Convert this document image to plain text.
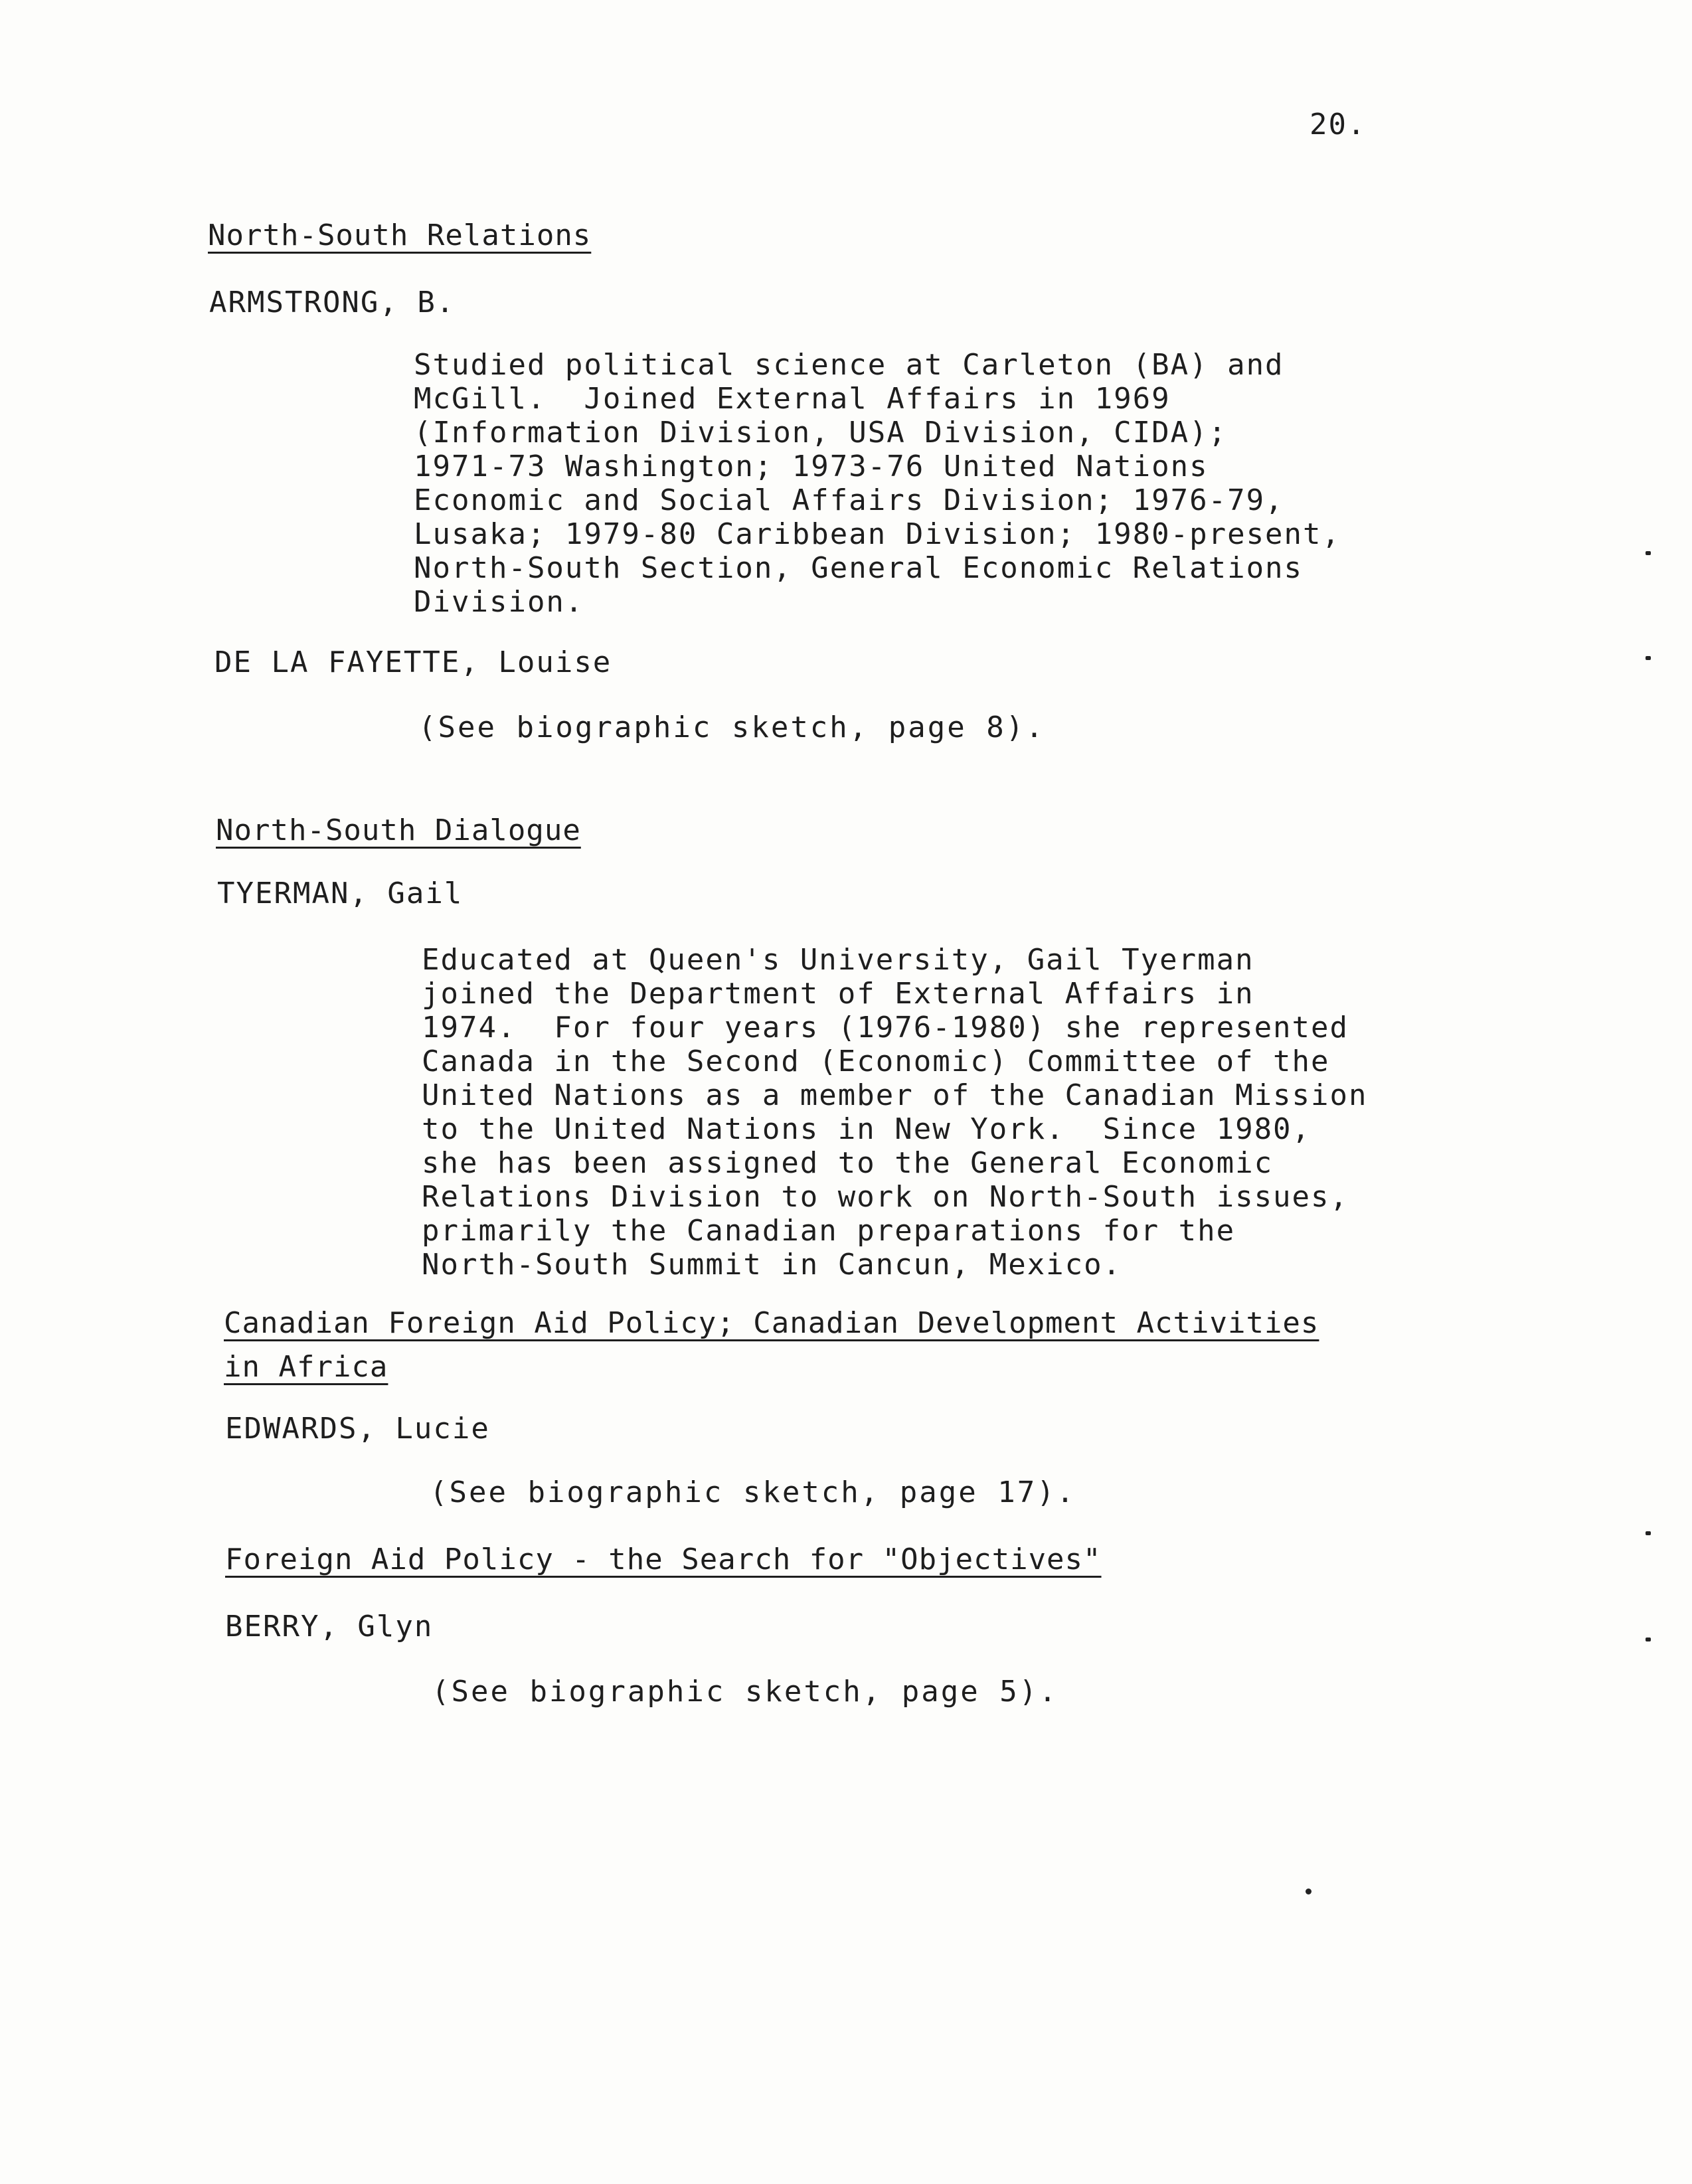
20.
North-South Relations
ARMSTRONG, B.
Studied political science at Carleton (BA) and
McGill.  Joined External Affairs in 1969
(Information Division, USA Division, CIDA);
1971-73 Washington; 1973-76 United Nations
Economic and Social Affairs Division; 1976-79,
Lusaka; 1979-80 Caribbean Division; 1980-present,
North-South Section, General Economic Relations
Division.
DE LA FAYETTE, Louise
(See biographic sketch, page 8).
North-South Dialogue
TYERMAN, Gail
Educated at Queen's University, Gail Tyerman
joined the Department of External Affairs in
1974.  For four years (1976-1980) she represented
Canada in the Second (Economic) Committee of the
United Nations as a member of the Canadian Mission
to the United Nations in New York.  Since 1980,
she has been assigned to the General Economic
Relations Division to work on North-South issues,
primarily the Canadian preparations for the
North-South Summit in Cancun, Mexico.
Canadian Foreign Aid Policy; Canadian Development Activities
in Africa
EDWARDS, Lucie
(See biographic sketch, page 17).
Foreign Aid Policy - the Search for "Objectives"
BERRY, Glyn
(See biographic sketch, page 5).
